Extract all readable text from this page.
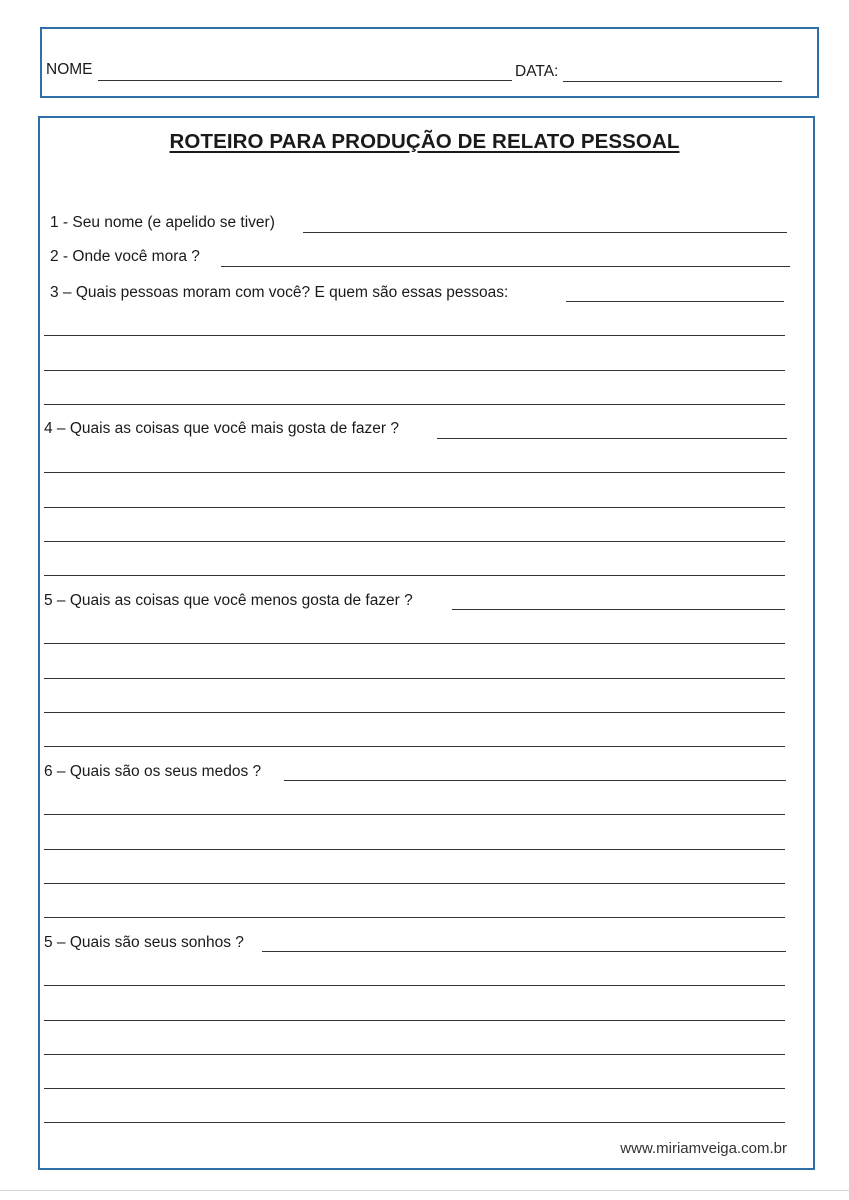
NOME	DATA:
ROTEIRO PARA PRODUÇÃO DE RELATO PESSOAL
1 - Seu nome (e apelido se tiver)
2 - Onde você mora ?
3 – Quais pessoas moram com você? E quem são essas pessoas:
4 – Quais as coisas que você mais gosta de fazer ?
5 – Quais as coisas que você menos gosta de fazer ?
6 – Quais são os seus medos ?
5 – Quais são seus sonhos ?
www.miriamveiga.com.br
